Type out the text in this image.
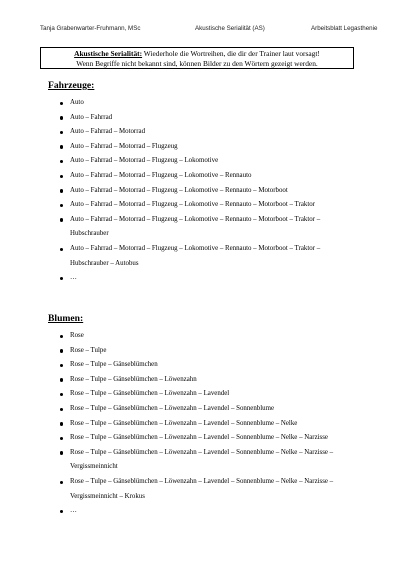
Tanja Grabenwarter-Fruhmann, MSc	Akustische Serialität (AS)	Arbeitsblatt Legasthenie
Akustische Serialität: Wiederhole die Wortreihen, die dir der Trainer laut vorsagt!
Wenn Begriffe nicht bekannt sind, können Bilder zu den Wörtern gezeigt werden.
Fahrzeuge:
Auto
Auto – Fahrrad
Auto – Fahrrad – Motorrad
Auto – Fahrrad – Motorrad – Flugzeug
Auto – Fahrrad – Motorrad – Flugzeug – Lokomotive
Auto – Fahrrad – Motorrad – Flugzeug – Lokomotive – Rennauto
Auto – Fahrrad – Motorrad – Flugzeug – Lokomotive – Rennauto – Motorboot
Auto – Fahrrad – Motorrad – Flugzeug – Lokomotive – Rennauto – Motorboot – Traktor
Auto – Fahrrad – Motorrad – Flugzeug – Lokomotive – Rennauto – Motorboot – Traktor – Hubschrauber
Auto – Fahrrad – Motorrad – Flugzeug – Lokomotive – Rennauto – Motorboot – Traktor – Hubschrauber – Autobus
…
Blumen:
Rose
Rose – Tulpe
Rose – Tulpe – Gänseblümchen
Rose – Tulpe – Gänseblümchen – Löwenzahn
Rose – Tulpe – Gänseblümchen – Löwenzahn – Lavendel
Rose – Tulpe – Gänseblümchen – Löwenzahn – Lavendel – Sonnenblume
Rose – Tulpe – Gänseblümchen – Löwenzahn – Lavendel – Sonnenblume – Nelke
Rose – Tulpe – Gänseblümchen – Löwenzahn – Lavendel – Sonnenblume – Nelke – Narzisse
Rose – Tulpe – Gänseblümchen – Löwenzahn – Lavendel – Sonnenblume – Nelke – Narzisse – Vergissmeinnicht
Rose – Tulpe – Gänseblümchen – Löwenzahn – Lavendel – Sonnenblume – Nelke – Narzisse – Vergissmeinnicht – Krokus
…
